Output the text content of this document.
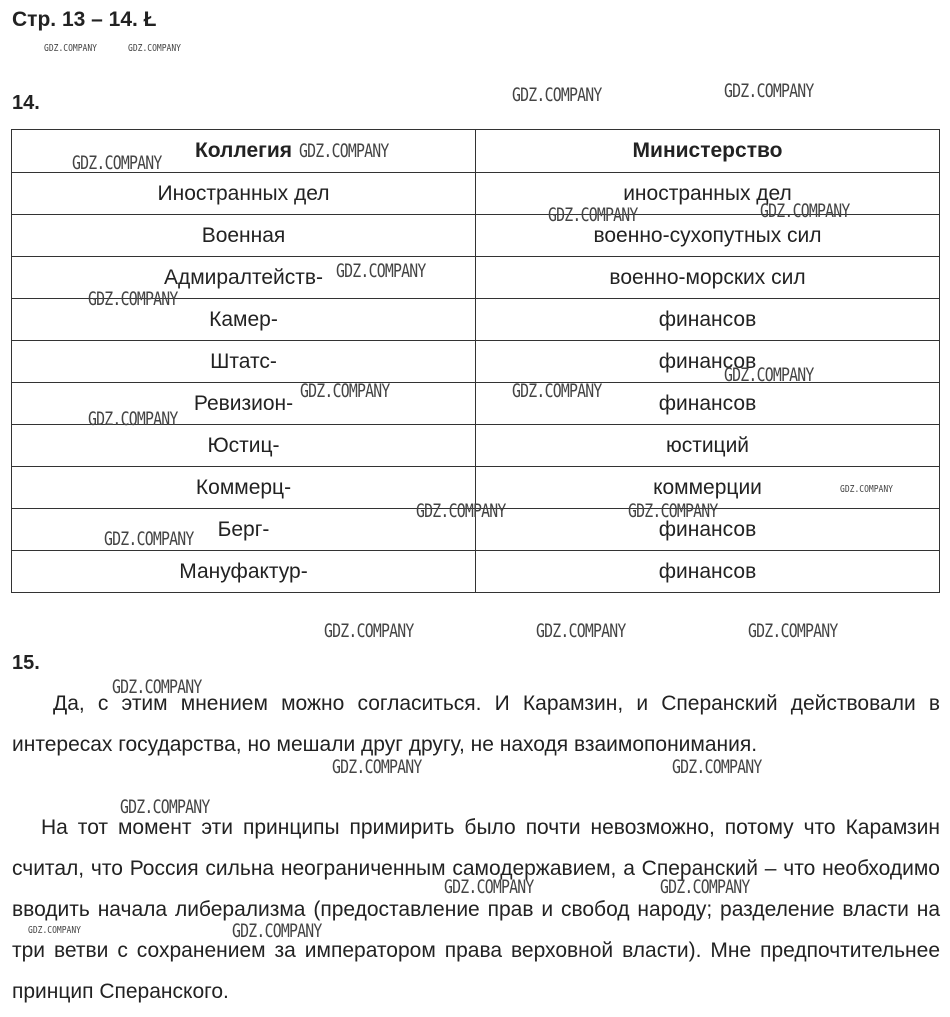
Стр. 13 – 14. Ł
14.
Коллегия	Министерство
Иностранных дел	иностранных дел
Военная	военно-сухопутных сил
Адмиралтейств-	военно-морских сил
Камер-	финансов
Штатс-	финансов
Ревизион-	финансов
Юстиц-	юстиций
Коммерц-	коммерции
Берг-	финансов
Мануфактур-	финансов
15.

Да, с этим мнением можно согласиться. И Карамзин, и Сперанский действовали в интересах государства, но мешали друг другу, не находя взаимопонимания.

На тот момент эти принципы примирить было почти невозможно, потому что Карамзин считал, что Россия сильна неограниченным самодержавием, а Сперанский – что необходимо вводить начала либерализма (предоставление прав и свобод народу; разделение власти на три ветви с сохранением за императором права верховной власти). Мне предпочтительнее принцип Сперанского.

GDZ.COMPANY	GDZ.COMPANY
GDZ.COMPANY	GDZ.COMPANY
GDZ.COMPANY
GDZ.COMPANY
GDZ.COMPANY	GDZ.COMPANY
GDZ.COMPANY
GDZ.COMPANY
GDZ.COMPANY
GDZ.COMPANY	GDZ.COMPANY
GDZ.COMPANY
GDZ.COMPANY
GDZ.COMPANY	GDZ.COMPANY
GDZ.COMPANY
GDZ.COMPANY	GDZ.COMPANY	GDZ.COMPANY
GDZ.COMPANY
GDZ.COMPANY	GDZ.COMPANY
GDZ.COMPANY
GDZ.COMPANY	GDZ.COMPANY
GDZ.COMPANY
GDZ.COMPANY
